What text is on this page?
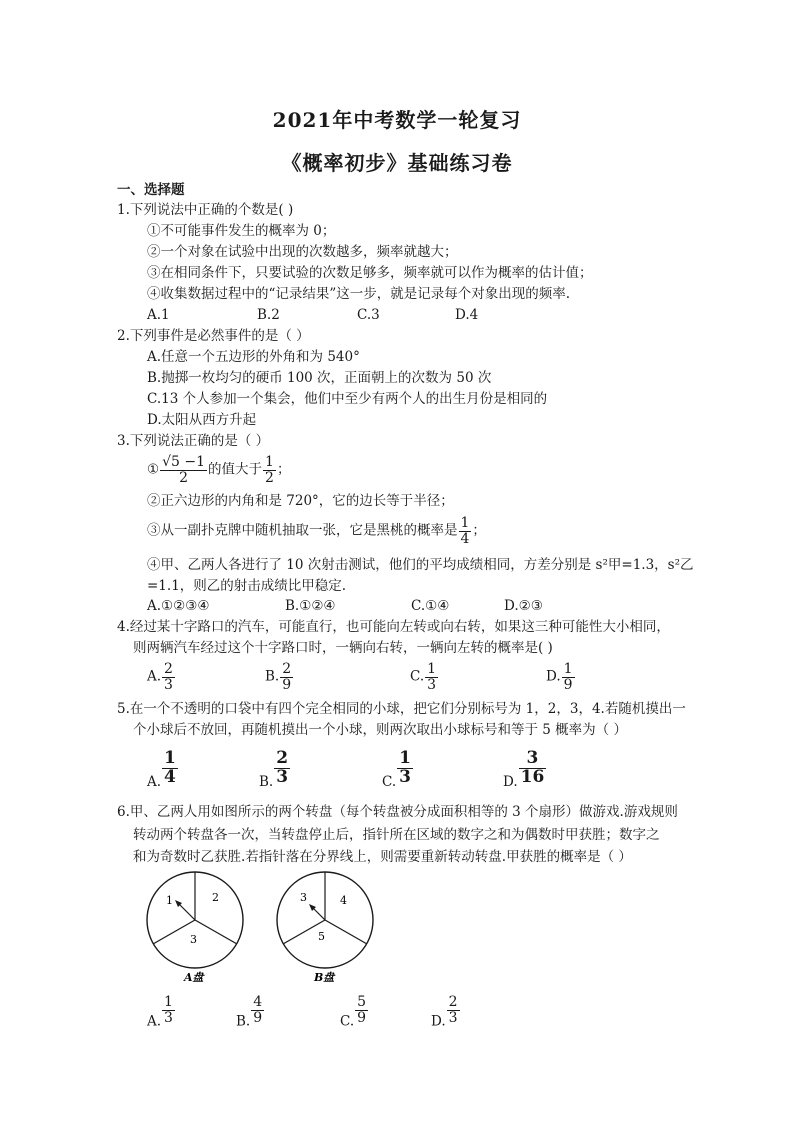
2021年中考数学一轮复习
《概率初步》基础练习卷
一、选择题
1.下列说法中正确的个数是( )
①不可能事件发生的概率为 0；
②一个对象在试验中出现的次数越多，频率就越大；
③在相同条件下，只要试验的次数足够多，频率就可以作为概率的估计值；
④收集数据过程中的“记录结果”这一步，就是记录每个对象出现的频率.
A.1	B.2	C.3	D.4
2.下列事件是必然事件的是（ ）
A.任意一个五边形的外角和为 540°
B.抛掷一枚均匀的硬币 100 次，正面朝上的次数为 50 次
C.13 个人参加一个集会，他们中至少有两个人的出生月份是相同的
D.太阳从西方升起
3.下列说法正确的是（ ）
① $\frac{√5 -1}{2}$ 的值大于 $\frac{1}{2}$ ；
②正六边形的内角和是 720°，它的边长等于半径；
③从一副扑克牌中随机抽取一张，它是黑桃的概率是 $\frac{1}{4}$ ；
④甲、乙两人各进行了 10 次射击测试，他们的平均成绩相同，方差分别是 s²甲=1.3，s²乙
=1.1，则乙的射击成绩比甲稳定.
A.①②③④	B.①②④	C.①④	D.②③
4.经过某十字路口的汽车，可能直行，也可能向左转或向右转，如果这三种可能性大小相同，
则两辆汽车经过这个十字路口时，一辆向右转，一辆向左转的概率是( )
A. $\frac{2}{3}$	B. $\frac{2}{9}$	C. $\frac{1}{3}$	D. $\frac{1}{9}$
5.在一个不透明的口袋中有四个完全相同的小球，把它们分别标号为 1，2，3，4.若随机摸出一
个小球后不放回，再随机摸出一个小球，则两次取出小球标号和等于 5 概率为（ ）
A. $\frac{1}{4}$	B. $\frac{2}{3}$	C. $\frac{1}{3}$	D. $\frac{3}{16}$
6.甲、乙两人用如图所示的两个转盘（每个转盘被分成面积相等的 3 个扇形）做游戏.游戏规则
转动两个转盘各一次，当转盘停止后，指针所在区域的数字之和为偶数时甲获胜；数字之
和为奇数时乙获胜.若指针落在分界线上，则需要重新转动转盘.甲获胜的概率是（ ）
1	2
3
A盘
3	4
5
B盘
A. $\frac{1}{3}$	B. $\frac{4}{9}$	C. $\frac{5}{9}$	D. $\frac{2}{3}$
